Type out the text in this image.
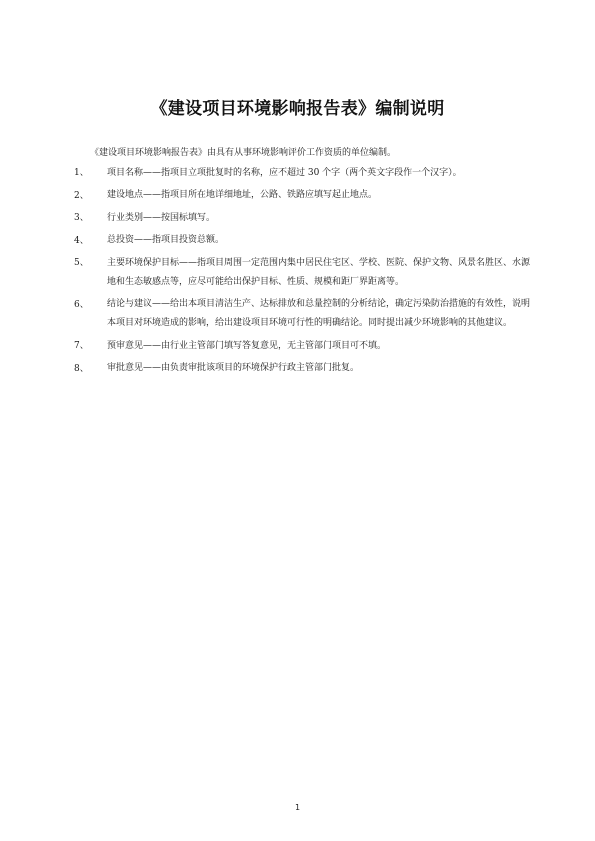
《建设项目环境影响报告表》编制说明
《建设项目环境影响报告表》由具有从事环境影响评价工作资质的单位编制。
1、	项目名称——指项目立项批复时的名称，应不超过 30 个字（两个英文字段作一个汉字）。
2、	建设地点——指项目所在地详细地址，公路、铁路应填写起止地点。
3、	行业类别——按国标填写。
4、	总投资——指项目投资总额。
5、	主要环境保护目标——指项目周围一定范围内集中居民住宅区、学校、医院、保护文物、风景名胜区、水源地和生态敏感点等，应尽可能给出保护目标、性质、规模和距厂界距离等。
6、	结论与建议——给出本项目清洁生产、达标排放和总量控制的分析结论，确定污染防治措施的有效性，说明本项目对环境造成的影响，给出建设项目环境可行性的明确结论。同时提出减少环境影响的其他建议。
7、	预审意见——由行业主管部门填写答复意见，无主管部门项目可不填。
8、	审批意见——由负责审批该项目的环境保护行政主管部门批复。
1
